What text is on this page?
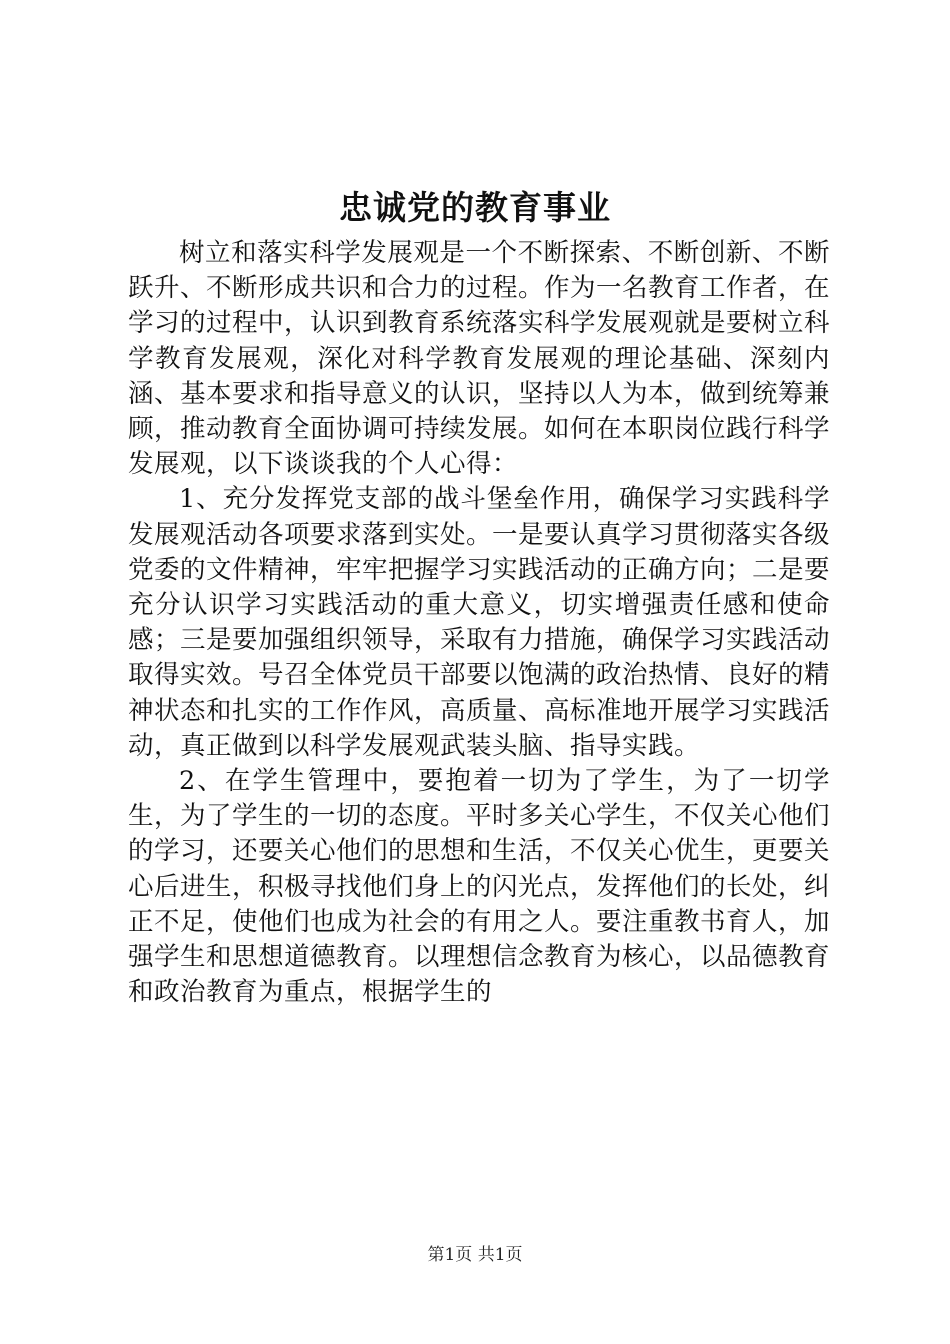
忠诚党的教育事业

树立和落实科学发展观是一个不断探索、不断创新、不断跃升、不断形成共识和合力的过程。作为一名教育工作者，在学习的过程中，认识到教育系统落实科学发展观就是要树立科学教育发展观，深化对科学教育发展观的理论基础、深刻内涵、基本要求和指导意义的认识，坚持以人为本，做到统筹兼顾，推动教育全面协调可持续发展。如何在本职岗位践行科学发展观，以下谈谈我的个人心得：

1、充分发挥党支部的战斗堡垒作用，确保学习实践科学发展观活动各项要求落到实处。一是要认真学习贯彻落实各级党委的文件精神，牢牢把握学习实践活动的正确方向；二是要充分认识学习实践活动的重大意义，切实增强责任感和使命感；三是要加强组织领导，采取有力措施，确保学习实践活动取得实效。号召全体党员干部要以饱满的政治热情、良好的精神状态和扎实的工作作风，高质量、高标准地开展学习实践活动，真正做到以科学发展观武装头脑、指导实践。

2、在学生管理中，要抱着一切为了学生，为了一切学生，为了学生的一切的态度。平时多关心学生，不仅关心他们的学习，还要关心他们的思想和生活，不仅关心优生，更要关心后进生，积极寻找他们身上的闪光点，发挥他们的长处，纠正不足，使他们也成为社会的有用之人。要注重教书育人，加强学生和思想道德教育。以理想信念教育为核心，以品德教育和政治教育为重点，根据学生的

第1页 共1页
